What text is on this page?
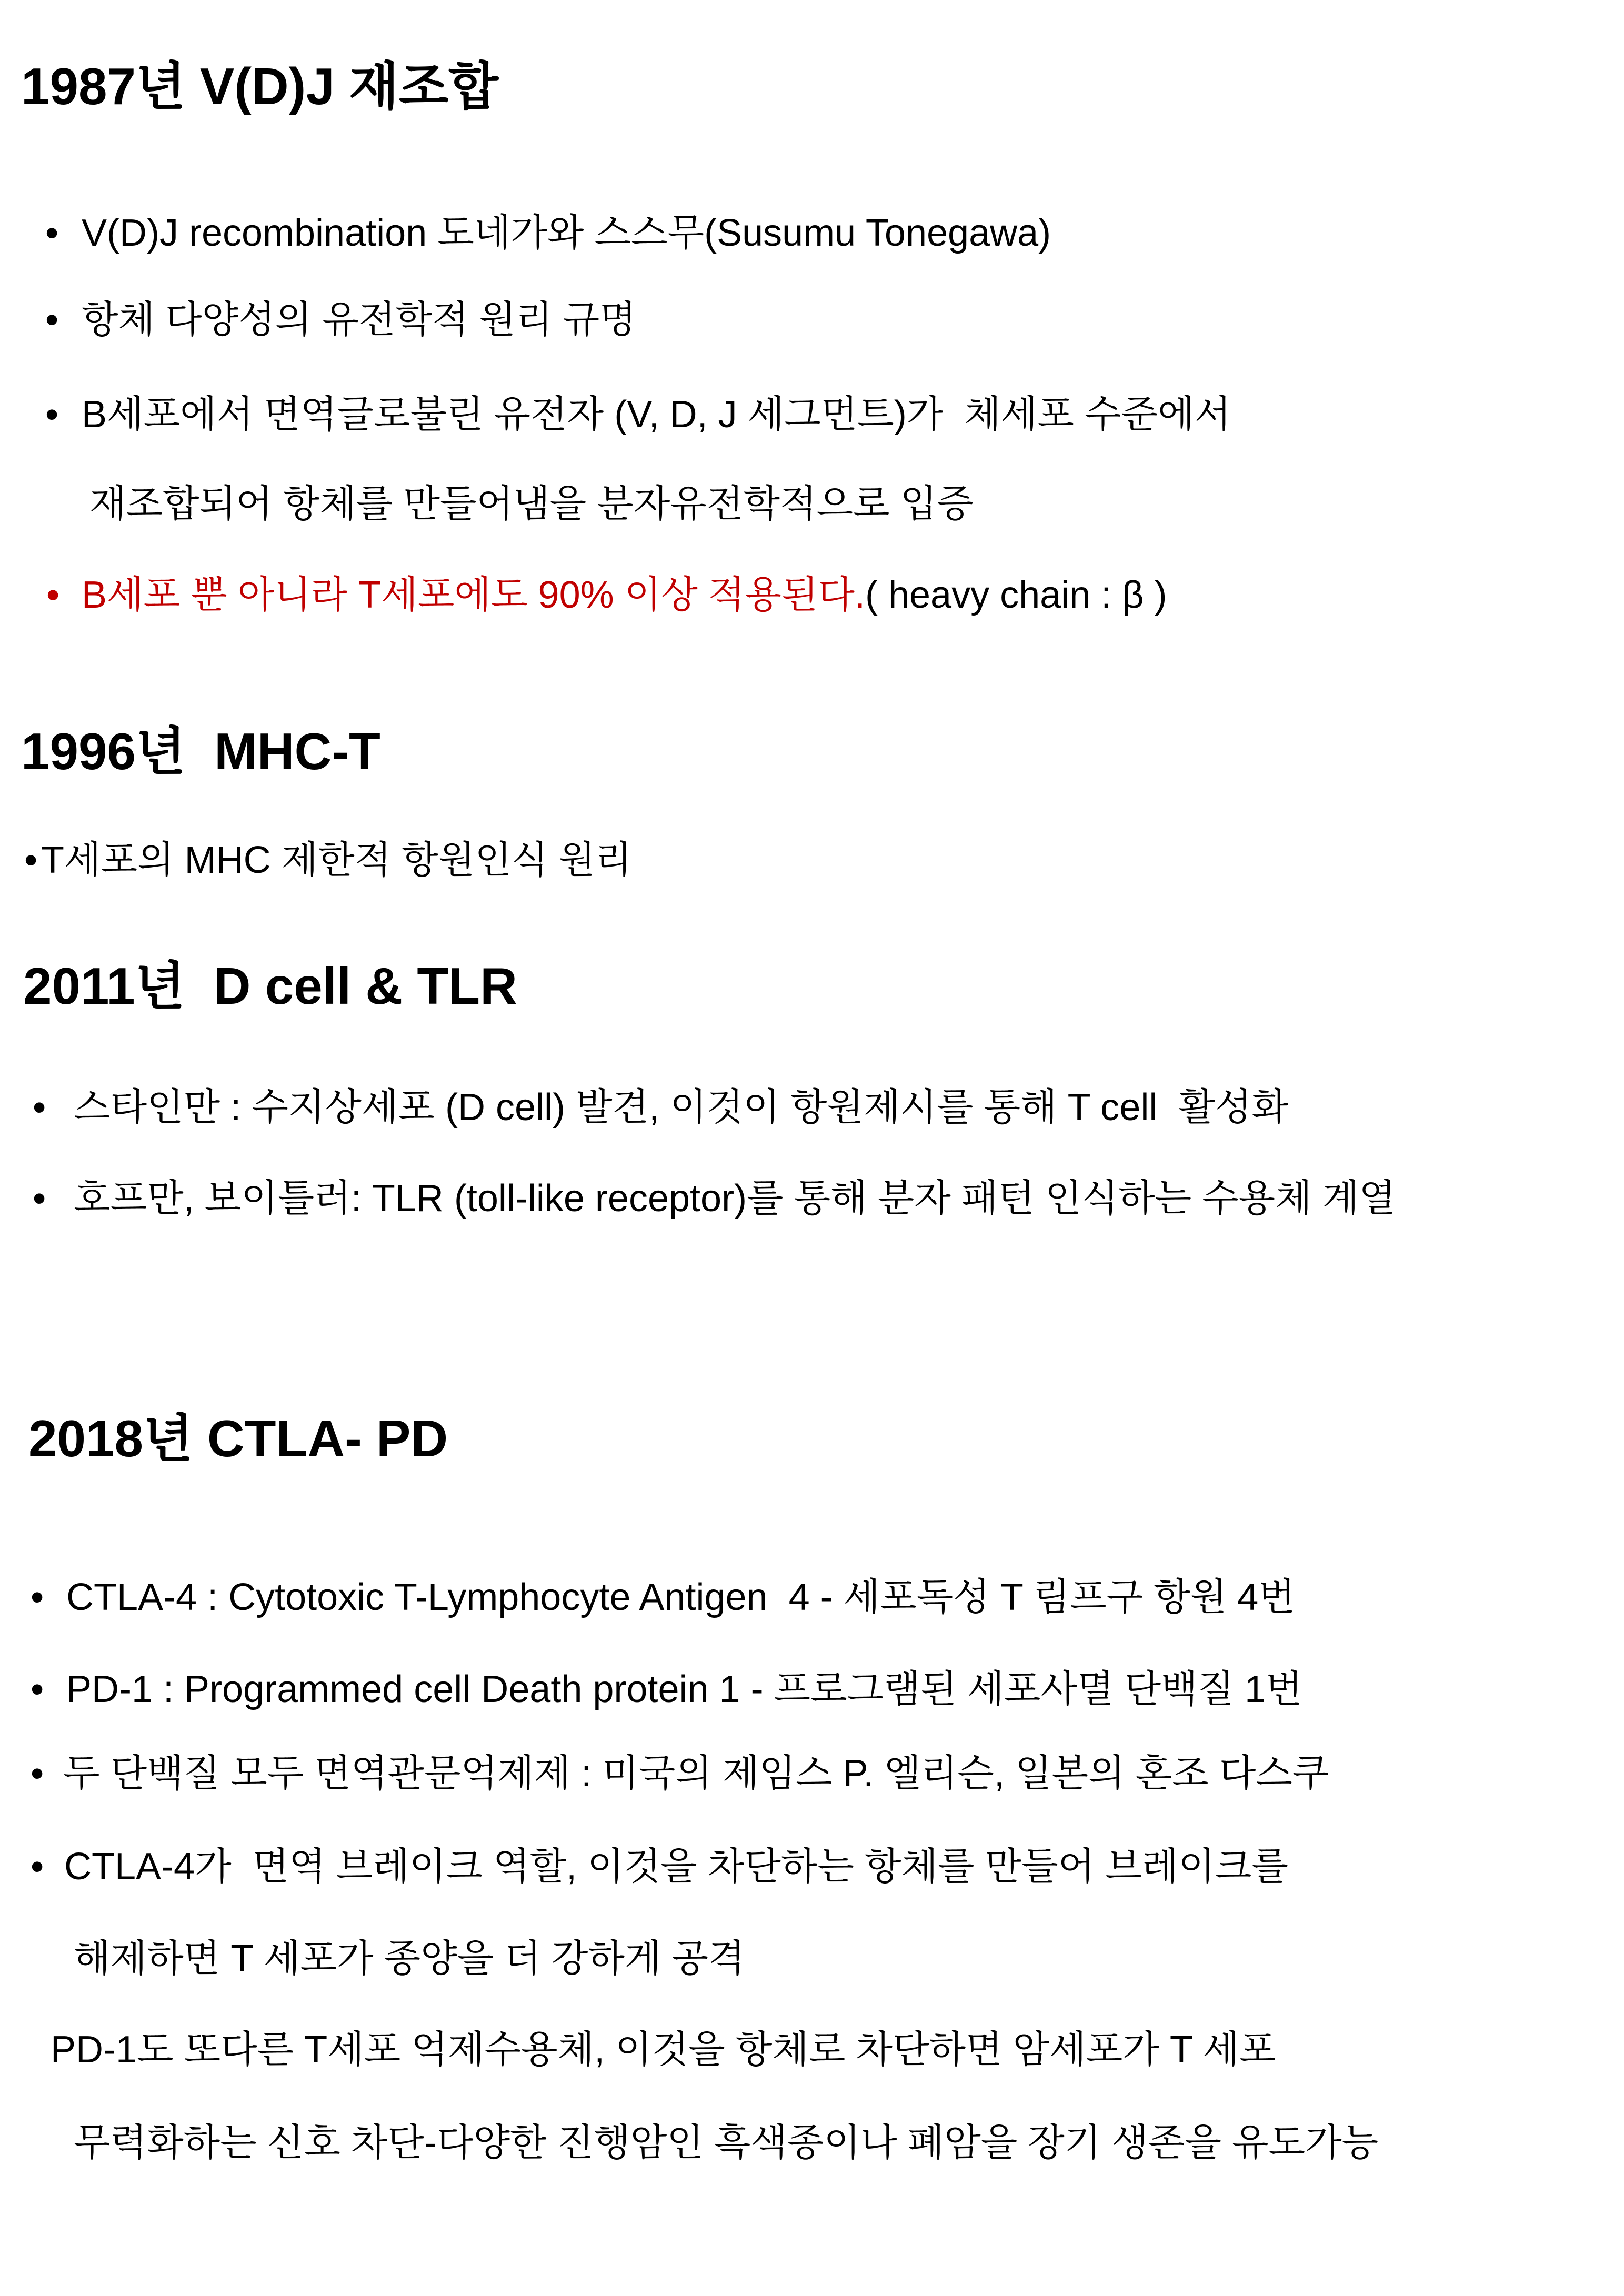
1987년 V(D)J 재조합

•

V(D)J recombination 도네가와 스스무(Susumu Tonegawa)

•

항체 다양성의 유전학적 원리 규명

•

B세포에서 면역글로불린 유전자 (V, D, J 세그먼트)가  체세포 수준에서

재조합되어 항체를 만들어냄을 분자유전학적으로 입증

•

B세포 뿐 아니라 T세포에도 90% 이상 적용된다.( heavy chain : β )

1996년  MHC-T

•

T세포의 MHC 제한적 항원인식 원리

2011년  D cell & TLR

•

스타인만 : 수지상세포 (D cell) 발견, 이것이 항원제시를 통해 T cell  활성화

•

호프만, 보이틀러: TLR (toll-like receptor)를 통해 분자 패턴 인식하는 수용체 계열

2018년 CTLA- PD

•

CTLA-4 : Cytotoxic T-Lymphocyte Antigen  4 - 세포독성 T 림프구 항원 4번

•

PD-1 : Programmed cell Death protein 1 - 프로그램된 세포사멸 단백질 1번

•

두 단백질 모두 면역관문억제제 : 미국의 제임스 P. 엘리슨, 일본의 혼조 다스쿠

•

CTLA-4가  면역 브레이크 역할, 이것을 차단하는 항체를 만들어 브레이크를

해제하면 T 세포가 종양을 더 강하게 공격

PD-1도 또다른 T세포 억제수용체, 이것을 항체로 차단하면 암세포가 T 세포

무력화하는 신호 차단-다양한 진행암인 흑색종이나 폐암을 장기 생존을 유도가능
